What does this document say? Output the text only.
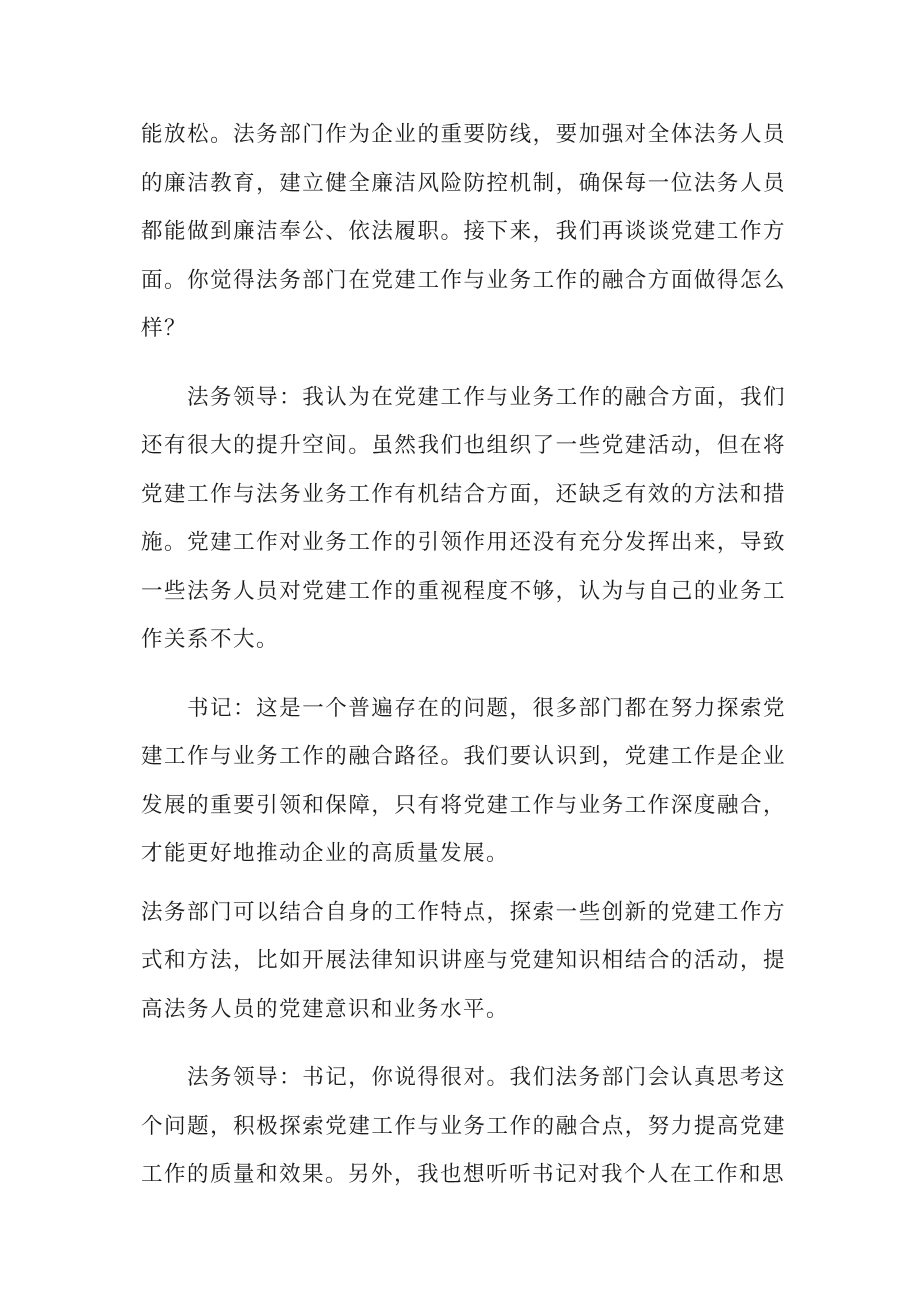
能放松。法务部门作为企业的重要防线，要加强对全体法务人员的廉洁教育，建立健全廉洁风险防控机制，确保每一位法务人员都能做到廉洁奉公、依法履职。接下来，我们再谈谈党建工作方面。你觉得法务部门在党建工作与业务工作的融合方面做得怎么样？

法务领导：我认为在党建工作与业务工作的融合方面，我们还有很大的提升空间。虽然我们也组织了一些党建活动，但在将党建工作与法务业务工作有机结合方面，还缺乏有效的方法和措施。党建工作对业务工作的引领作用还没有充分发挥出来，导致一些法务人员对党建工作的重视程度不够，认为与自己的业务工作关系不大。

书记：这是一个普遍存在的问题，很多部门都在努力探索党建工作与业务工作的融合路径。我们要认识到，党建工作是企业发展的重要引领和保障，只有将党建工作与业务工作深度融合，才能更好地推动企业的高质量发展。

法务部门可以结合自身的工作特点，探索一些创新的党建工作方式和方法，比如开展法律知识讲座与党建知识相结合的活动，提高法务人员的党建意识和业务水平。

法务领导：书记，你说得很对。我们法务部门会认真思考这个问题，积极探索党建工作与业务工作的融合点，努力提高党建工作的质量和效果。另外，我也想听听书记对我个人在工作和思
